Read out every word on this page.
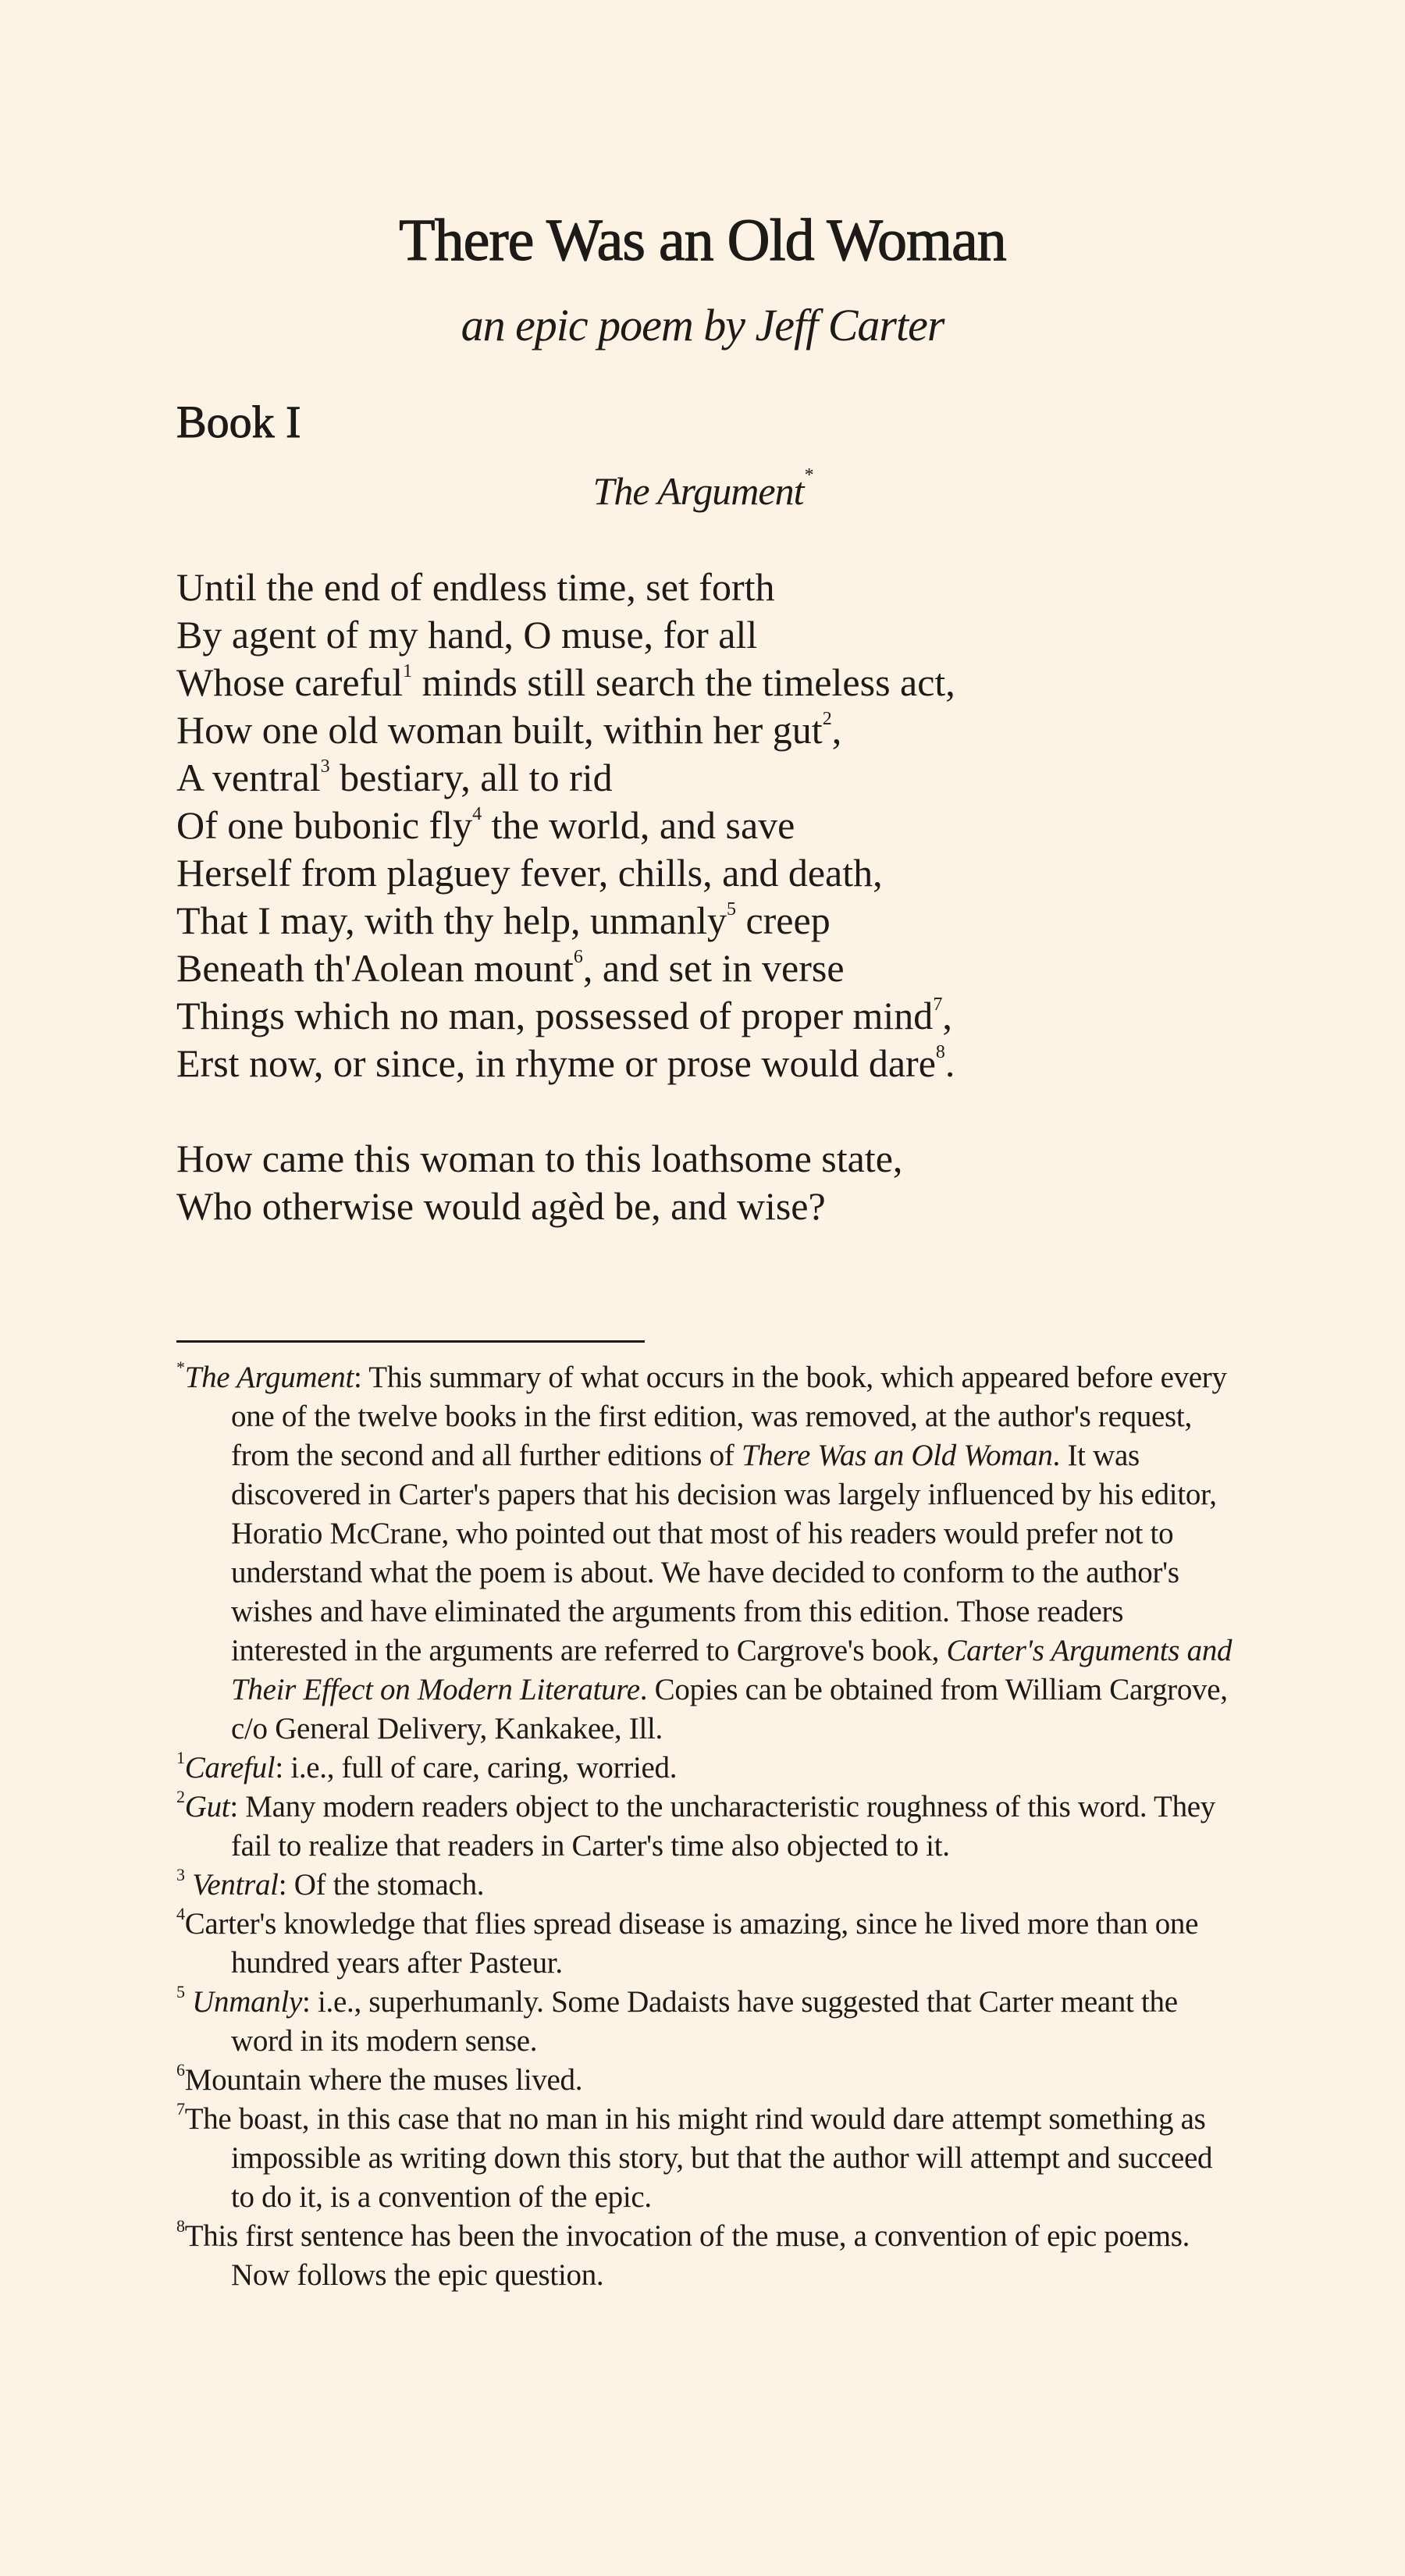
There Was an Old Woman
an epic poem by Jeff Carter
Book I
The Argument*
Until the end of endless time, set forth
By agent of my hand, O muse, for all
Whose careful$^1$ minds still search the timeless act,
How one old woman built, within her gut$^2$,
A ventral$^3$ bestiary, all to rid
Of one bubonic fly$^4$ the world, and save
Herself from plaguey fever, chills, and death,
That I may, with thy help, unmanly$^5$ creep
Beneath th'Aolean mount$^6$, and set in verse
Things which no man, possessed of proper mind$^7$,
Erst now, or since, in rhyme or prose would dare$^8$.
How came this woman to this loathsome state,
Who otherwise would agèd be, and wise?
*The Argument: This summary of what occurs in the book, which appeared before every one of the twelve books in the first edition, was removed, at the author's request, from the second and all further editions of There Was an Old Woman. It was discovered in Carter's papers that his decision was largely influenced by his editor, Horatio McCrane, who pointed out that most of his readers would prefer not to understand what the poem is about. We have decided to conform to the author's wishes and have eliminated the arguments from this edition. Those readers interested in the arguments are referred to Cargrove's book, Carter's Arguments and Their Effect on Modern Literature. Copies can be obtained from William Cargrove, c/o General Delivery, Kankakee, Ill.
$^1$Careful: i.e., full of care, caring, worried.
$^2$Gut: Many modern readers object to the uncharacteristic roughness of this word. They fail to realize that readers in Carter's time also objected to it.
$^3$ Ventral: Of the stomach.
$^4$Carter's knowledge that flies spread disease is amazing, since he lived more than one hundred years after Pasteur.
$^5$ Unmanly: i.e., superhumanly. Some Dadaists have suggested that Carter meant the word in its modern sense.
$^6$Mountain where the muses lived.
$^7$The boast, in this case that no man in his might rind would dare attempt something as impossible as writing down this story, but that the author will attempt and succeed to do it, is a convention of the epic.
$^8$This first sentence has been the invocation of the muse, a convention of epic poems. Now follows the epic question.
